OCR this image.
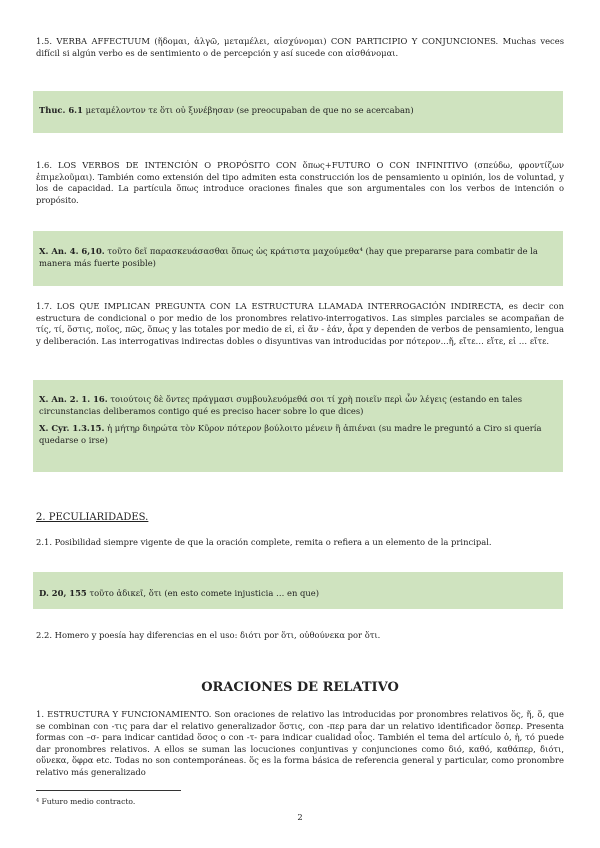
1.5. VERBA AFFECTUUM (ἥδομαι, ἀλγῶ, μεταμέλει, αἰσχύνομαι) CON PARTICIPIO Y CONJUNCIONES. Muchas veces difícil si algún verbo es de sentimiento o de percepción y así sucede con αἰσθάνομαι.

Thuc. 6.1 μεταμέλοντον τε ὅτι οὐ ξυνέβησαν (se preocupaban de que no se acercaban)

1.6. LOS VERBOS DE INTENCIÓN O PROPÓSITO CON ὅπως+FUTURO O CON INFINITIVO (σπεύδω, φροντίζων ἐπιμελοῦμαι). También como extensión del tipo admiten esta construcción los de pensamiento u opinión, los de voluntad, y los de capacidad. La partícula ὅπως introduce oraciones finales que son argumentales con los verbos de intención o propósito.

X. An. 4. 6,10. τοῦτο δεῖ παρασκευάσασθαι ὅπως ὡς κράτιστα μαχούμεθα⁴ (hay que prepararse para combatir de la manera más fuerte posible)

1.7. LOS QUE IMPLICAN PREGUNTA CON LA ESTRUCTURA LLAMADA INTERROGACIÓN INDIRECTA, es decir con estructura de condicional o por medio de los pronombres relativo-interrogativos. Las simples parciales se acompañan de τίς, τί, ὅστις, ποῖος, πῶς, ὅπως y las totales por medio de εἰ, εἰ ἄν - ἐάν, ἆρα y dependen de verbos de pensamiento, lengua y deliberación. Las interrogativas indirectas dobles o disyuntivas van introducidas por πότερον...ἤ, εἴτε… εἴτε, εἰ … εἴτε.

X. An. 2. 1. 16. τοιούτοις δὲ ὄντες πράγμασι συμβουλευόμεθά σοι τί χρὴ ποιεῖν περὶ ὧν λέγεις (estando en tales circunstancias deliberamos contigo qué es preciso hacer sobre lo que dices)

X. Cyr. 1.3.15. ἡ μήτηρ διηρώτα τὸν Κῦρον πότερον βούλοιτο μένειν ἢ ἀπιέναι (su madre le preguntó a Ciro si quería quedarse o irse)

2. PECULIARIDADES.

2.1. Posibilidad siempre vigente de que la oración complete, remita o refiera a un elemento de la principal.

D. 20, 155 τοῦτο ἀδικεῖ, ὅτι (en esto comete injusticia … en que)

2.2. Homero y poesía hay diferencias en el uso: διότι por ὅτι, οὐθούνεκα por ὅτι.

ORACIONES DE RELATIVO

1. ESTRUCTURA Y FUNCIONAMIENTO. Son oraciones de relativo las introducidas por pronombres relativos ὅς, ἥ, ὅ, que se combinan con -τις para dar el relativo generalizador ὅστις, con -περ para dar un relativo identificador ὅσπερ. Presenta formas con –σ- para indicar cantidad ὅσος o con -τ- para indicar cualidad οἷος. También el tema del artículo ὁ, ἡ, τό puede dar pronombres relativos. A ellos se suman las locuciones conjuntivas y conjunciones como διό, καθό, καθάπερ, διότι, οὕνεκα, ὅφρα etc. Todas no son contemporáneas. ὅς es la forma básica de referencia general y particular, como pronombre relativo más generalizado

⁴ Futuro medio contracto.

2
